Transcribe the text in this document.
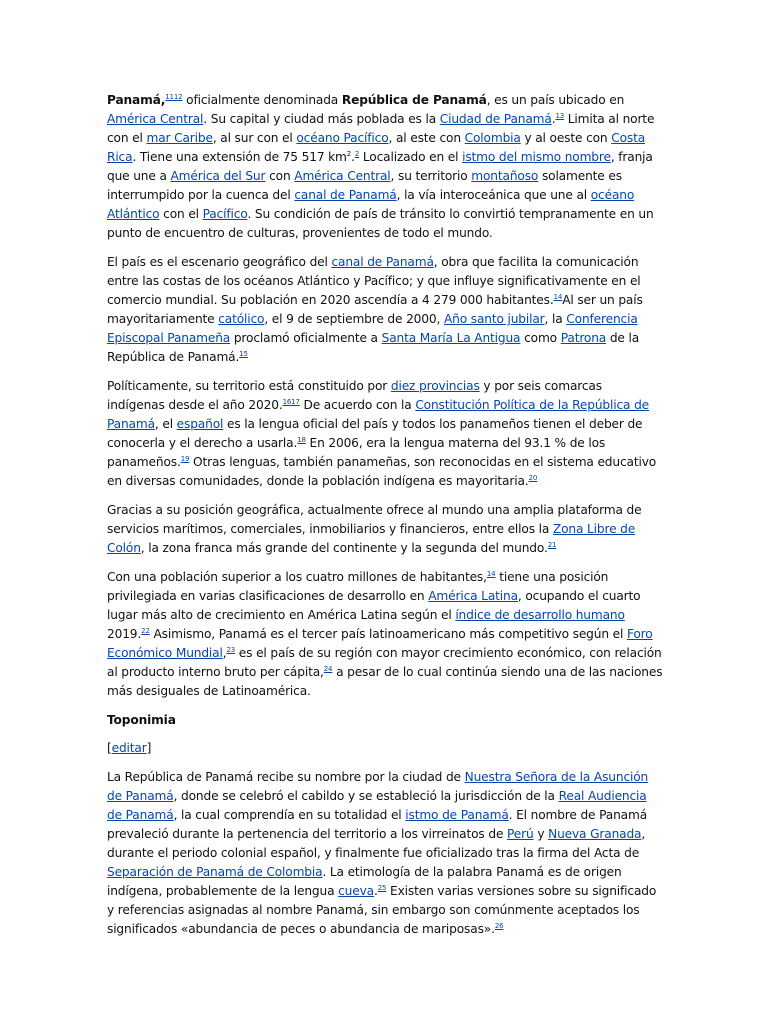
Panamá,$^{1112}$ oficialmente denominada República de Panamá, es un país ubicado en América Central. Su capital y ciudad más poblada es la Ciudad de Panamá.$^{13}$ Limita al norte con el mar Caribe, al sur con el océano Pacífico, al este con Colombia y al oeste con Costa Rica. Tiene una extensión de 75 517 $km^2.^2$ Localizado en el istmo del mismo nombre, franja que une a América del Sur con América Central, su territorio montañoso solamente es interrumpido por la cuenca del canal de Panamá, la vía interoceánica que une al océano Atlántico con el Pacífico. Su condición de país de tránsito lo convirtió tempranamente en un punto de encuentro de culturas, provenientes de todo el mundo.

El país es el escenario geográfico del canal de Panamá, obra que facilita la comunicación entre las costas de los océanos Atlántico y Pacífico; y que influye significativamente en el comercio mundial. Su población en 2020 ascendía a 4 279 000 habitantes.$^{14}$Al ser un país mayoritariamente católico, el 9 de septiembre de 2000, Año santo jubilar, la Conferencia Episcopal Panameña proclamó oficialmente a Santa María La Antigua como Patrona de la República de Panamá.$^{15}$

Políticamente, su territorio está constituido por diez provincias y por seis comarcas indígenas desde el año 2020.$^{1617}$ De acuerdo con la Constitución Política de la República de Panamá, el español es la lengua oficial del país y todos los panameños tienen el deber de conocerla y el derecho a usarla.$^{18}$ En 2006, era la lengua materna del 93.1 % de los panameños.$^{19}$ Otras lenguas, también panameñas, son reconocidas en el sistema educativo en diversas comunidades, donde la población indígena es mayoritaria.$^{20}$

Gracias a su posición geográfica, actualmente ofrece al mundo una amplia plataforma de servicios marítimos, comerciales, inmobiliarios y financieros, entre ellos la Zona Libre de Colón, la zona franca más grande del continente y la segunda del mundo.$^{21}$

Con una población superior a los cuatro millones de habitantes,$^{14}$ tiene una posición privilegiada en varias clasificaciones de desarrollo en América Latina, ocupando el cuarto lugar más alto de crecimiento en América Latina según el índice de desarrollo humano 2019.22 Asimismo, Panamá es el tercer país latinoamericano más competitivo según el Foro Económico Mundial,$^{23}$ es el país de su región con mayor crecimiento económico, con relación al producto interno bruto per cápita,$^{24}$ a pesar de lo cual continúa siendo una de las naciones más desiguales de Latinoamérica.

Toponimia

[editar]

La República de Panamá recibe su nombre por la ciudad de Nuestra Señora de la Asunción de Panamá, donde se celebró el cabildo y se estableció la jurisdicción de la Real Audiencia de Panamá, la cual comprendía en su totalidad el istmo de Panamá. El nombre de Panamá prevaleció durante la pertenencia del territorio a los virreinatos de Perú y Nueva Granada, durante el periodo colonial español, y finalmente fue oficializado tras la firma del Acta de Separación de Panamá de Colombia. La etimología de la palabra Panamá es de origen indígena, probablemente de la lengua cueva.$^{25}$ Existen varias versiones sobre su significado y referencias asignadas al nombre Panamá, sin embargo son comúnmente aceptados los significados «abundancia de peces o abundancia de mariposas».$^{26}$
